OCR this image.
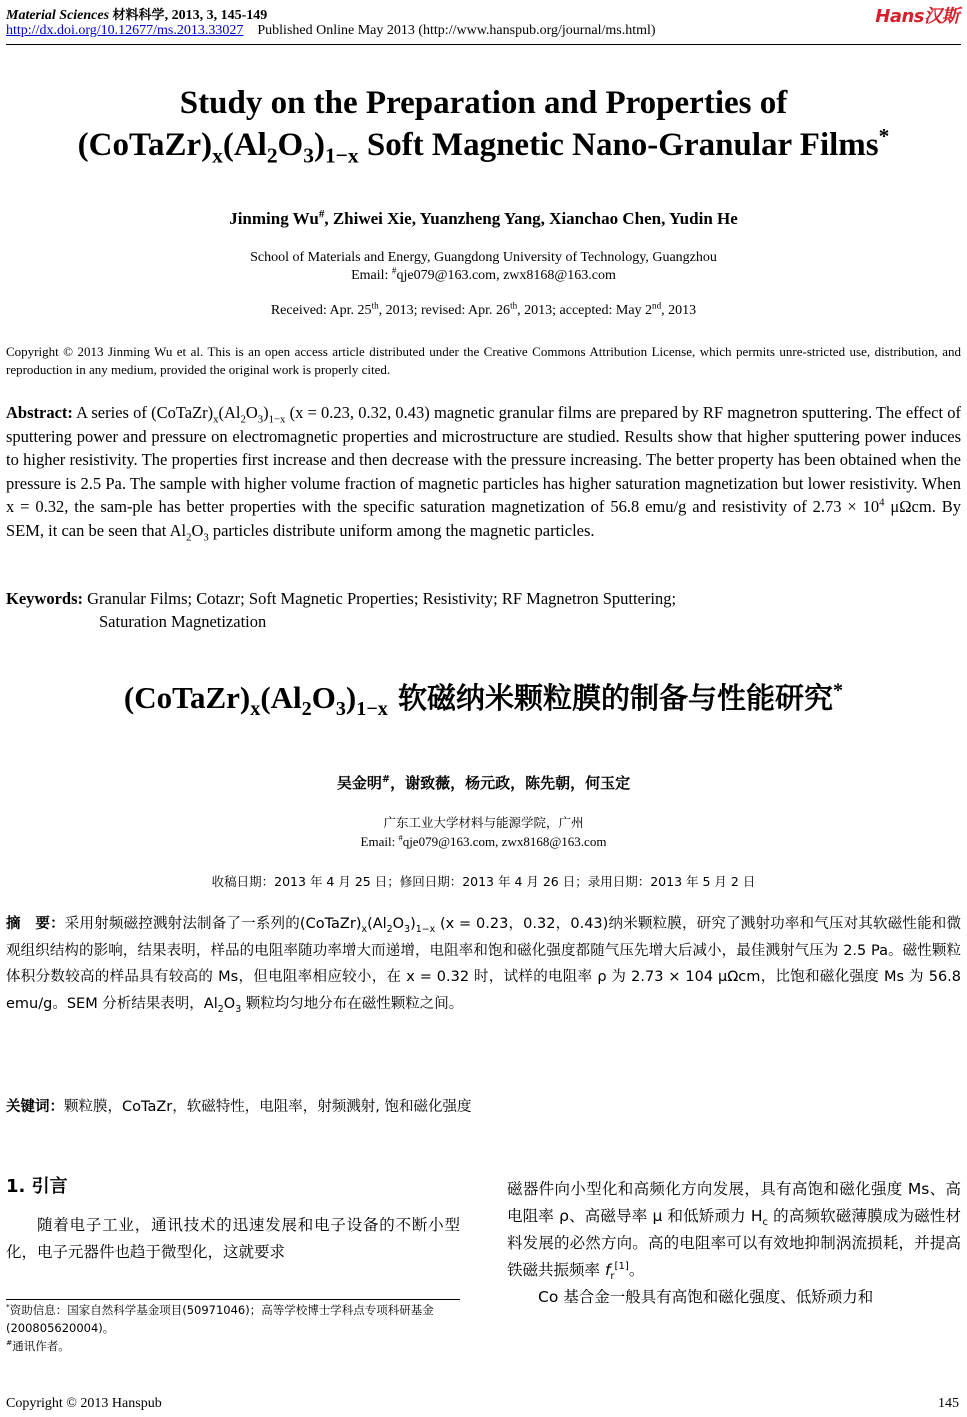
Material Sciences 材料科学, 2013, 3, 145-149
http://dx.doi.org/10.12677/ms.2013.33027 Published Online May 2013 (http://www.hanspub.org/journal/ms.html)
Hans汉斯
Study on the Preparation and Properties of
$(CoTaZr)_x(Al_2O_3)_{1-x}$ Soft Magnetic Nano-Granular Films*
Jinming Wu#, Zhiwei Xie, Yuanzheng Yang, Xianchao Chen, Yudin He
School of Materials and Energy, Guangdong University of Technology, Guangzhou
Email: #qje079@163.com, zwx8168@163.com
Received: Apr. 25th, 2013; revised: Apr. 26th, 2013; accepted: May 2nd, 2013
Copyright © 2013 Jinming Wu et al. This is an open access article distributed under the Creative Commons Attribution License, which permits unre-stricted use, distribution, and reproduction in any medium, provided the original work is properly cited.
Abstract: A series of $(CoTaZr)_x(Al_2O_3)_{1-x}$ (x = 0.23, 0.32, 0.43) magnetic granular films are prepared by RF magnetron sputtering. The effect of sputtering power and pressure on electromagnetic properties and microstructure are studied. Results show that higher sputtering power induces to higher resistivity. The properties first increase and then decrease with the pressure increasing. The better property has been obtained when the pressure is 2.5 Pa. The sample with higher volume fraction of magnetic particles has higher saturation magnetization but lower resistivity. When x = 0.32, the sam-ple has better properties with the specific saturation magnetization of 56.8 emu/g and resistivity of $2.73 \times 10^4$ μΩcm. By SEM, it can be seen that $Al_2O_3$ particles distribute uniform among the magnetic particles.
Keywords: Granular Films; Cotazr; Soft Magnetic Properties; Resistivity; RF Magnetron Sputtering;
Saturation Magnetization
$(CoTaZr)_x(Al_2O_3)_{1-x}$ 软磁纳米颗粒膜的制备与性能研究*
吴金明#，谢致薇，杨元政，陈先朝，何玉定
广东工业大学材料与能源学院，广州
Email: #qje079@163.com, zwx8168@163.com
收稿日期：2013 年 4 月 25 日；修回日期：2013 年 4 月 26 日；录用日期：2013 年 5 月 2 日
摘　要：采用射频磁控溅射法制备了一系列的$(CoTaZr)_x(Al_2O_3)_{1-x}$ (x = 0.23，0.32，0.43)纳米颗粒膜，研究了溅射功率和气压对其软磁性能和微观组织结构的影响，结果表明，样品的电阻率随功率增大而递增，电阻率和饱和磁化强度都随气压先增大后减小，最佳溅射气压为 2.5 Pa。磁性颗粒体积分数较高的样品具有较高的 Ms，但电阻率相应较小，在 x = 0.32 时，试样的电阻率 ρ 为 2.73 × 104 μΩcm，比饱和磁化强度 Ms 为 56.8 emu/g。SEM 分析结果表明，$Al_2O_3$ 颗粒均匀地分布在磁性颗粒之间。
关键词：颗粒膜，CoTaZr，软磁特性，电阻率，射频溅射, 饱和磁化强度
1. 引言

随着电子工业，通讯技术的迅速发展和电子设备的不断小型化，电子元器件也趋于微型化，这就要求

磁器件向小型化和高频化方向发展，具有高饱和磁化强度 Ms、高电阻率 ρ、高磁导率 μ 和低矫顽力 $H_c$ 的高频软磁薄膜成为磁性材料发展的必然方向。高的电阻率可以有效地抑制涡流损耗，并提高铁磁共振频率 $f_r[1]$。

Co 基合金一般具有高饱和磁化强度、低矫顽力和

*资助信息：国家自然科学基金项目(50971046)；高等学校博士学科点专项科研基金(200805620004)。
#通讯作者。
Copyright © 2013 Hanspub	145
